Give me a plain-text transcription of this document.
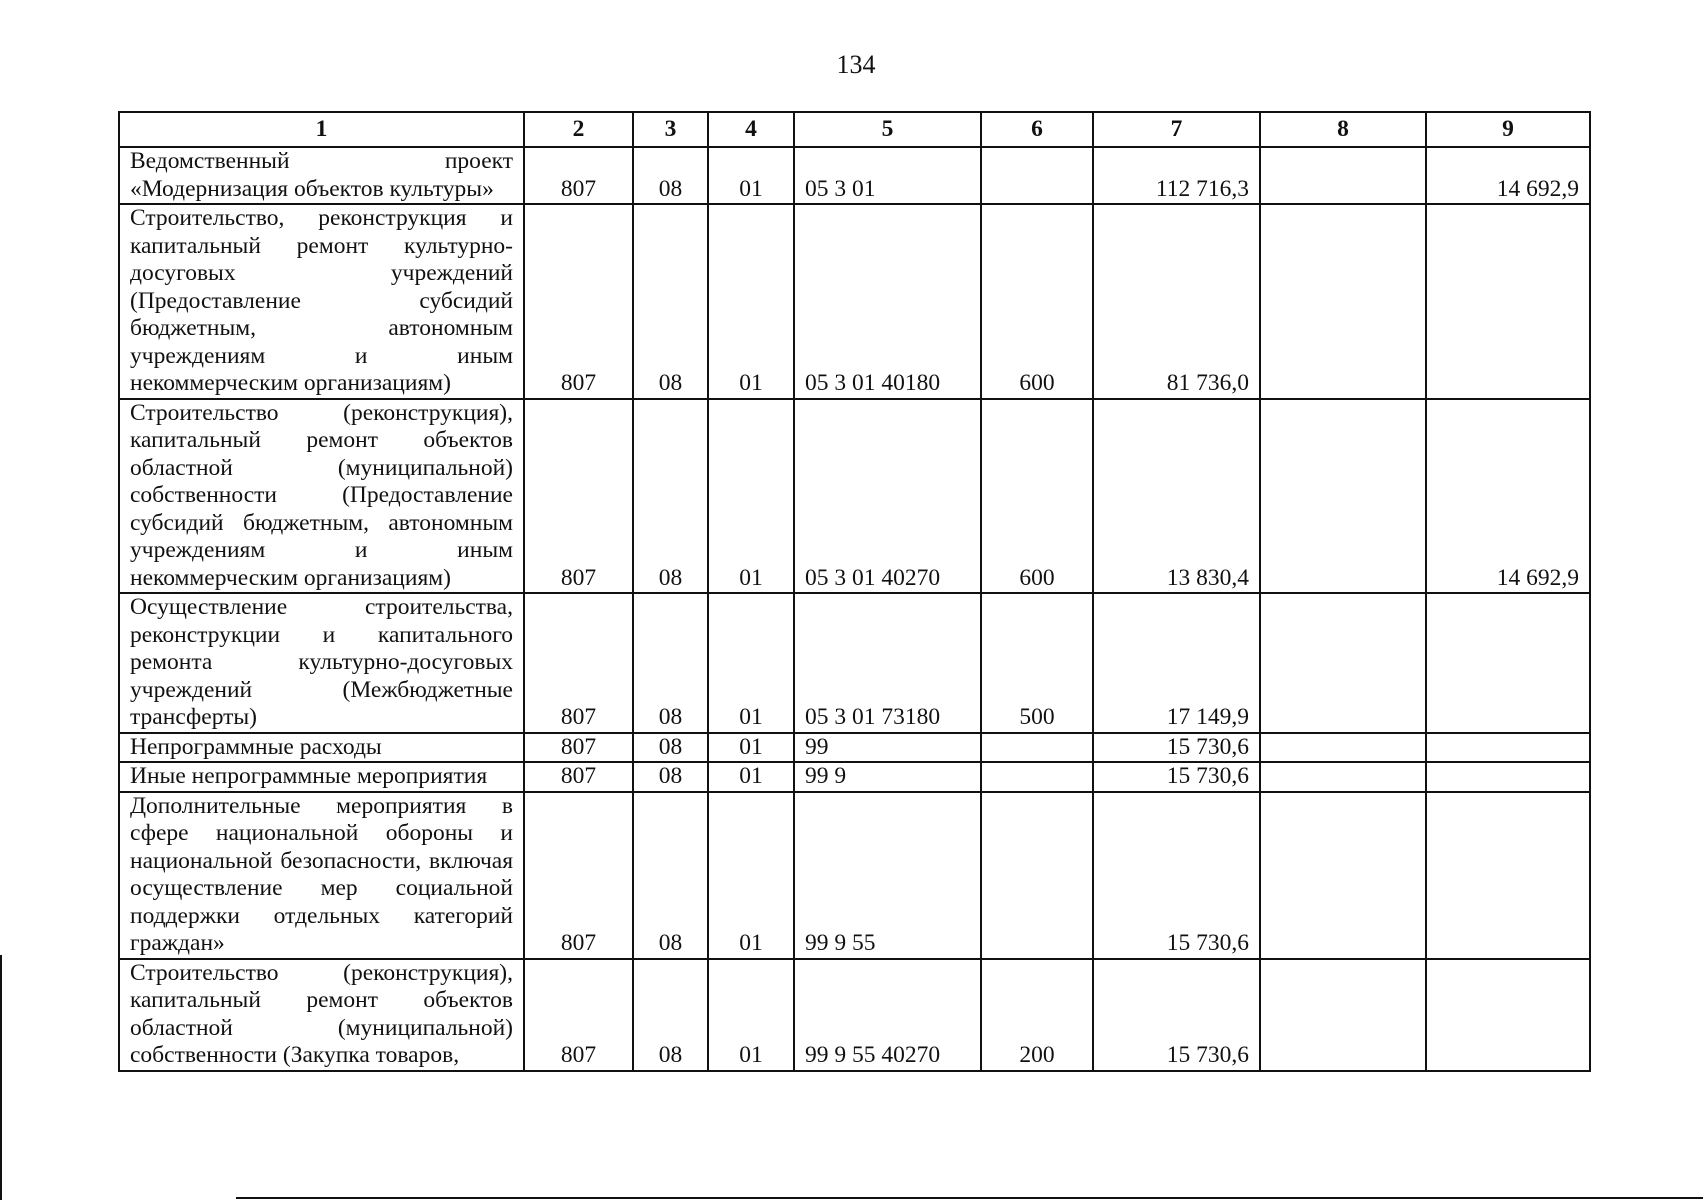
134
1	2	3	4	5	6	7	8	9
Ведомственный проект «Модернизация объектов культуры»	807	08	01	05 3 01		112 716,3		14 692,9
Строительство, реконструкция и капитальный ремонт культурно-досуговых учреждений (Предоставление субсидий бюджетным, автономным учреждениям и иным некоммерческим организациям)	807	08	01	05 3 01 40180	600	81 736,0		
Строительство (реконструкция), капитальный ремонт объектов областной (муниципальной) собственности (Предоставление субсидий бюджетным, автономным учреждениям и иным некоммерческим организациям)	807	08	01	05 3 01 40270	600	13 830,4		14 692,9
Осуществление строительства, реконструкции и капитального ремонта культурно-досуговых учреждений (Межбюджетные трансферты)	807	08	01	05 3 01 73180	500	17 149,9		
Непрограммные расходы	807	08	01	99		15 730,6		
Иные непрограммные мероприятия	807	08	01	99 9		15 730,6		
Дополнительные мероприятия в сфере национальной обороны и национальной безопасности, включая осуществление мер социальной поддержки отдельных категорий граждан»	807	08	01	99 9 55		15 730,6		
Строительство (реконструкция), капитальный ремонт объектов областной (муниципальной) собственности (Закупка товаров,	807	08	01	99 9 55 40270	200	15 730,6		
